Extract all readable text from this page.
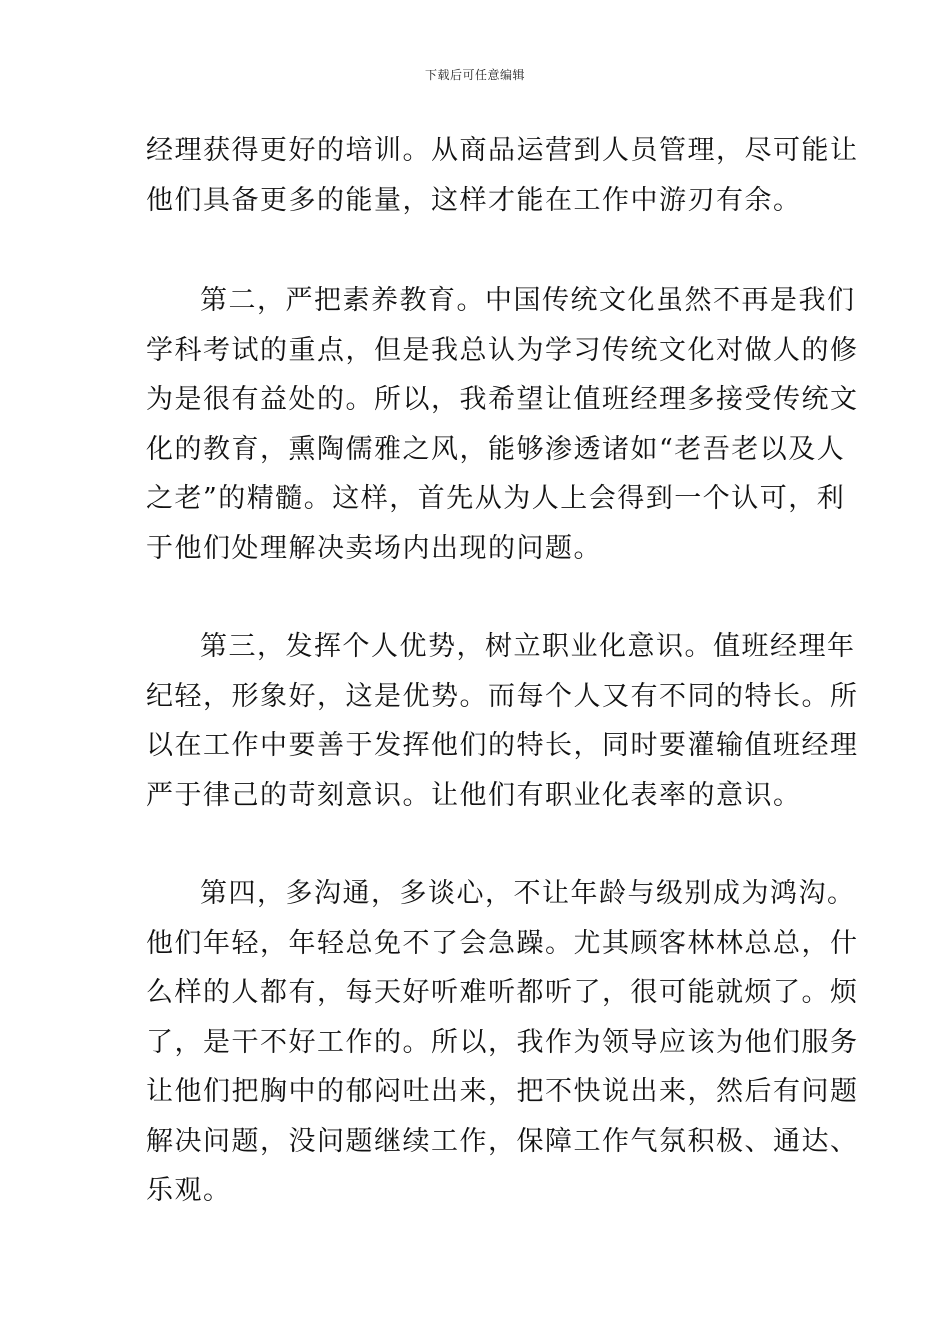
下载后可任意编辑
经理获得更好的培训。从商品运营到人员管理，尽可能让
他们具备更多的能量，这样才能在工作中游刃有余。
第二，严把素养教育。中国传统文化虽然不再是我们
学科考试的重点，但是我总认为学习传统文化对做人的修
为是很有益处的。所以，我希望让值班经理多接受传统文
化的教育，熏陶儒雅之风，能够渗透诸如“老吾老以及人
之老”的精髓。这样，首先从为人上会得到一个认可，利
于他们处理解决卖场内出现的问题。
第三，发挥个人优势，树立职业化意识。值班经理年
纪轻，形象好，这是优势。而每个人又有不同的特长。所
以在工作中要善于发挥他们的特长，同时要灌输值班经理
严于律己的苛刻意识。让他们有职业化表率的意识。
第四，多沟通，多谈心，不让年龄与级别成为鸿沟。
他们年轻，年轻总免不了会急躁。尤其顾客林林总总，什
么样的人都有，每天好听难听都听了，很可能就烦了。烦
了，是干不好工作的。所以，我作为领导应该为他们服务
让他们把胸中的郁闷吐出来，把不快说出来，然后有问题
解决问题，没问题继续工作，保障工作气氛积极、通达、
乐观。
